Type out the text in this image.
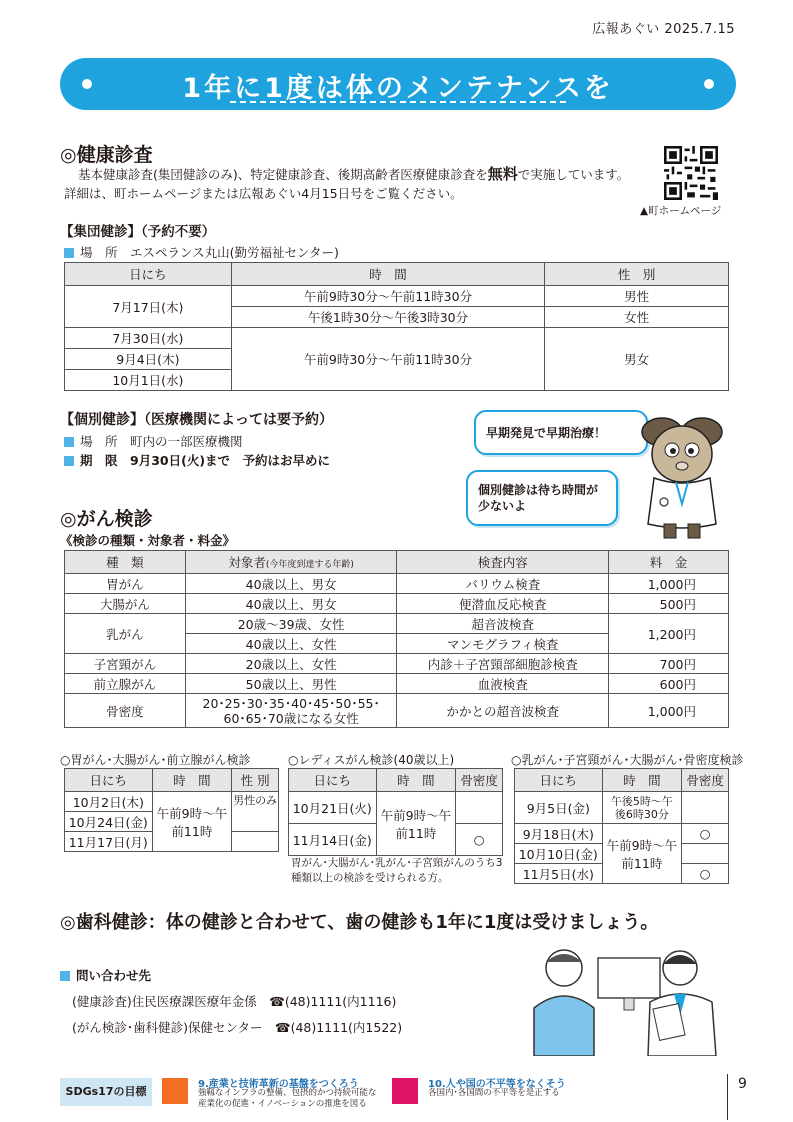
広報あぐい 2025.7.15
1年に1度は体のメンテナンスを
◎健康診査
基本健康診査(集団健診のみ)、特定健康診査、後期高齢者医療健康診査を無料で実施しています。
詳細は、町ホームページまたは広報あぐい4月15日号をご覧ください。
▲町ホームページ
【集団健診】（予約不要）
場　所　 エスペランス丸山(勤労福祉センター)
日にち	時　間	性　別
7月17日(木)	午前9時30分～午前11時30分	男性
	午後1時30分～午後3時30分	女性
7月30日(水)	午前9時30分～午前11時30分	男女
9月4日(木)		
10月1日(水)		
【個別健診】（医療機関によっては要予約）
場　所　 町内の一部医療機関
期　限　 9月30日(火)まで　予約はお早めに
早期発見で早期治療！
個別健診は待ち時間が少ないよ
◎がん検診
《検診の種類・対象者・料金》
種　類	対象者(今年度到達する年齢)	検査内容	料　金
胃がん	40歳以上、男女	バリウム検査	1,000円
大腸がん	40歳以上、男女	便潜血反応検査	500円
乳がん	20歳～39歳、女性	超音波検査	1,200円
	40歳以上、女性	マンモグラフィ検査	
子宮頸がん	20歳以上、女性	内診＋子宮頸部細胞診検査	700円
前立腺がん	50歳以上、男性	血液検査	600円
骨密度	20･25･30･35･40･45･50･55･
60･65･70歳になる女性	かかとの超音波検査	1,000円
○胃がん･大腸がん･前立腺がん検診
日にち	時　間	性 別
10月2日(木)	午前9時～午前11時	男性のみ
10月24日(金)		
11月17日(月)		
○レディスがん検診(40歳以上)
日にち	時　間	骨密度
10月21日(火)	午前9時～午前11時	
11月14日(金)		○
胃がん･大腸がん･乳がん･子宮頸がんのうち3種類以上の検診を受けられる方。
○乳がん･子宮頸がん･大腸がん･骨密度検診
日にち	時　間	骨密度
9月5日(金)	午後5時～午後6時30分	
9月18日(木)	午前9時～午前11時	○
10月10日(金)		
11月5日(水)		○
◎歯科健診：体の健診と合わせて、歯の健診も1年に1度は受けましょう。
問い合わせ先
(健康診査)住民医療課医療年金係　☎(48)1111(内1116)
(がん検診･歯科健診)保健センター　☎(48)1111(内1522)
SDGs17の目標
9.産業と技術革新の基盤をつくろう
強靱なインフラの整備、包摂的かつ持続可能な産業化の促進・イノベーションの推進を図る
10.人や国の不平等をなくそう
各国内･各国間の不平等を是正する
9
